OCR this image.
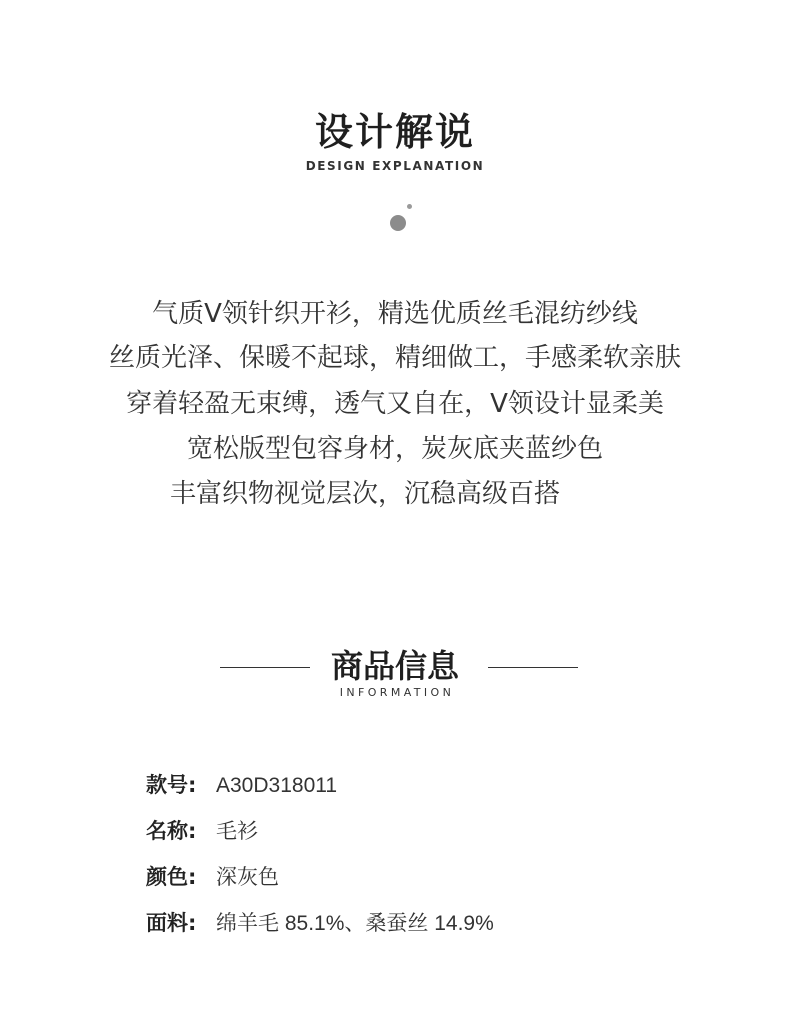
设计解说
DESIGN EXPLANATION
气质V领针织开衫，精选优质丝毛混纺纱线
丝质光泽、保暖不起球，精细做工，手感柔软亲肤
穿着轻盈无束缚，透气又自在，V领设计显柔美
宽松版型包容身材，炭灰底夹蓝纱色
丰富织物视觉层次，沉稳高级百搭
商品信息
INFORMATION
款号: A30D318011
名称: 毛衫
颜色: 深灰色
面料: 绵羊毛 85.1%、桑蚕丝 14.9%
